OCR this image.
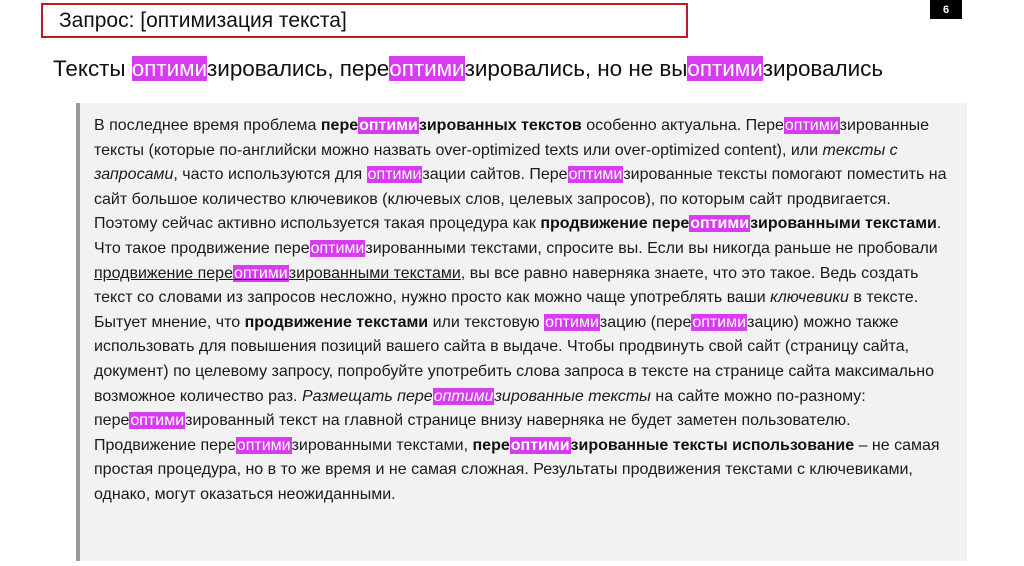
Запрос: [оптимизация текста]	6
Тексты оптимизировались, переоптимизировались, но не выоптимизировались

В последнее время проблема переоптимизированных текстов особенно актуальна. Переоптимизированные тексты (которые по-английски можно назвать over-optimized texts или over-optimized content), или тексты с запросами, часто используются для оптимизации сайтов. Переоптимизированные тексты помогают поместить на сайт большое количество ключевиков (ключевых слов, целевых запросов), по которым сайт продвигается. Поэтому сейчас активно используется такая процедура как продвижение переоптимизированными текстами. Что такое продвижение переоптимизированными текстами, спросите вы. Если вы никогда раньше не пробовали продвижение переоптимизированными текстами, вы все равно наверняка знаете, что это такое. Ведь создать текст со словами из запросов несложно, нужно просто как можно чаще употреблять ваши ключевики в тексте. Бытует мнение, что продвижение текстами или текстовую оптимизацию (переоптимизацию) можно также использовать для повышения позиций вашего сайта в выдаче. Чтобы продвинуть свой сайт (страницу сайта, документ) по целевому запросу, попробуйте употребить слова запроса в тексте на странице сайта максимально возможное количество раз. Размещать переоптимизированные тексты на сайте можно по-разному: переоптимизированный текст на главной странице внизу наверняка не будет заметен пользователю. Продвижение переоптимизированными текстами, переоптимизированные тексты использование – не самая простая процедура, но в то же время и не самая сложная. Результаты продвижения текстами с ключевиками, однако, могут оказаться неожиданными.
